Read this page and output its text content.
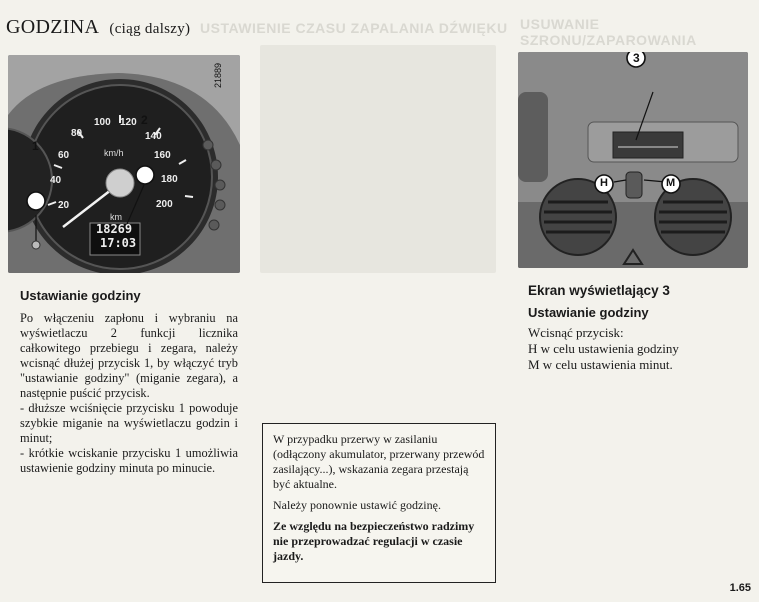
GODZINA (ciąg dalszy) USTAWIENIE CZASU ZAPALANIA DŹWIĘKU USUWANIE SZRONU/ZAPAROWANIA
20
40
60
80
100 120
140
160
180
200
km/h
km
18269
17:03
21889
1
2
3
H	M

Ustawianie godziny

Po włączeniu zapłonu i wybraniu na wyświetlaczu 2 funkcji licznika całkowitego przebiegu i zegara, należy wcisnąć dłużej przycisk 1, by włączyć tryb "ustawianie godziny" (miganie zegara), a następnie puścić przycisk.

- dłuższe wciśnięcie przycisku 1 powoduje szybkie miganie na wyświetlaczu godzin i minut;

- krótkie wciskanie przycisku 1 umożliwia ustawienie godziny minuta po minucie.

W przypadku przerwy w zasilaniu (odłączony akumulator, przerwany przewód zasilający...), wskazania zegara przestają być aktualne.

Należy ponownie ustawić godzinę.

Ze względu na bezpieczeństwo radzimy nie przeprowadzać regulacji w czasie jazdy.

Ekran wyświetlający 3

Ustawianie godziny

Wcisnąć przycisk:

H w celu ustawienia godziny

M w celu ustawienia minut.

1.65
